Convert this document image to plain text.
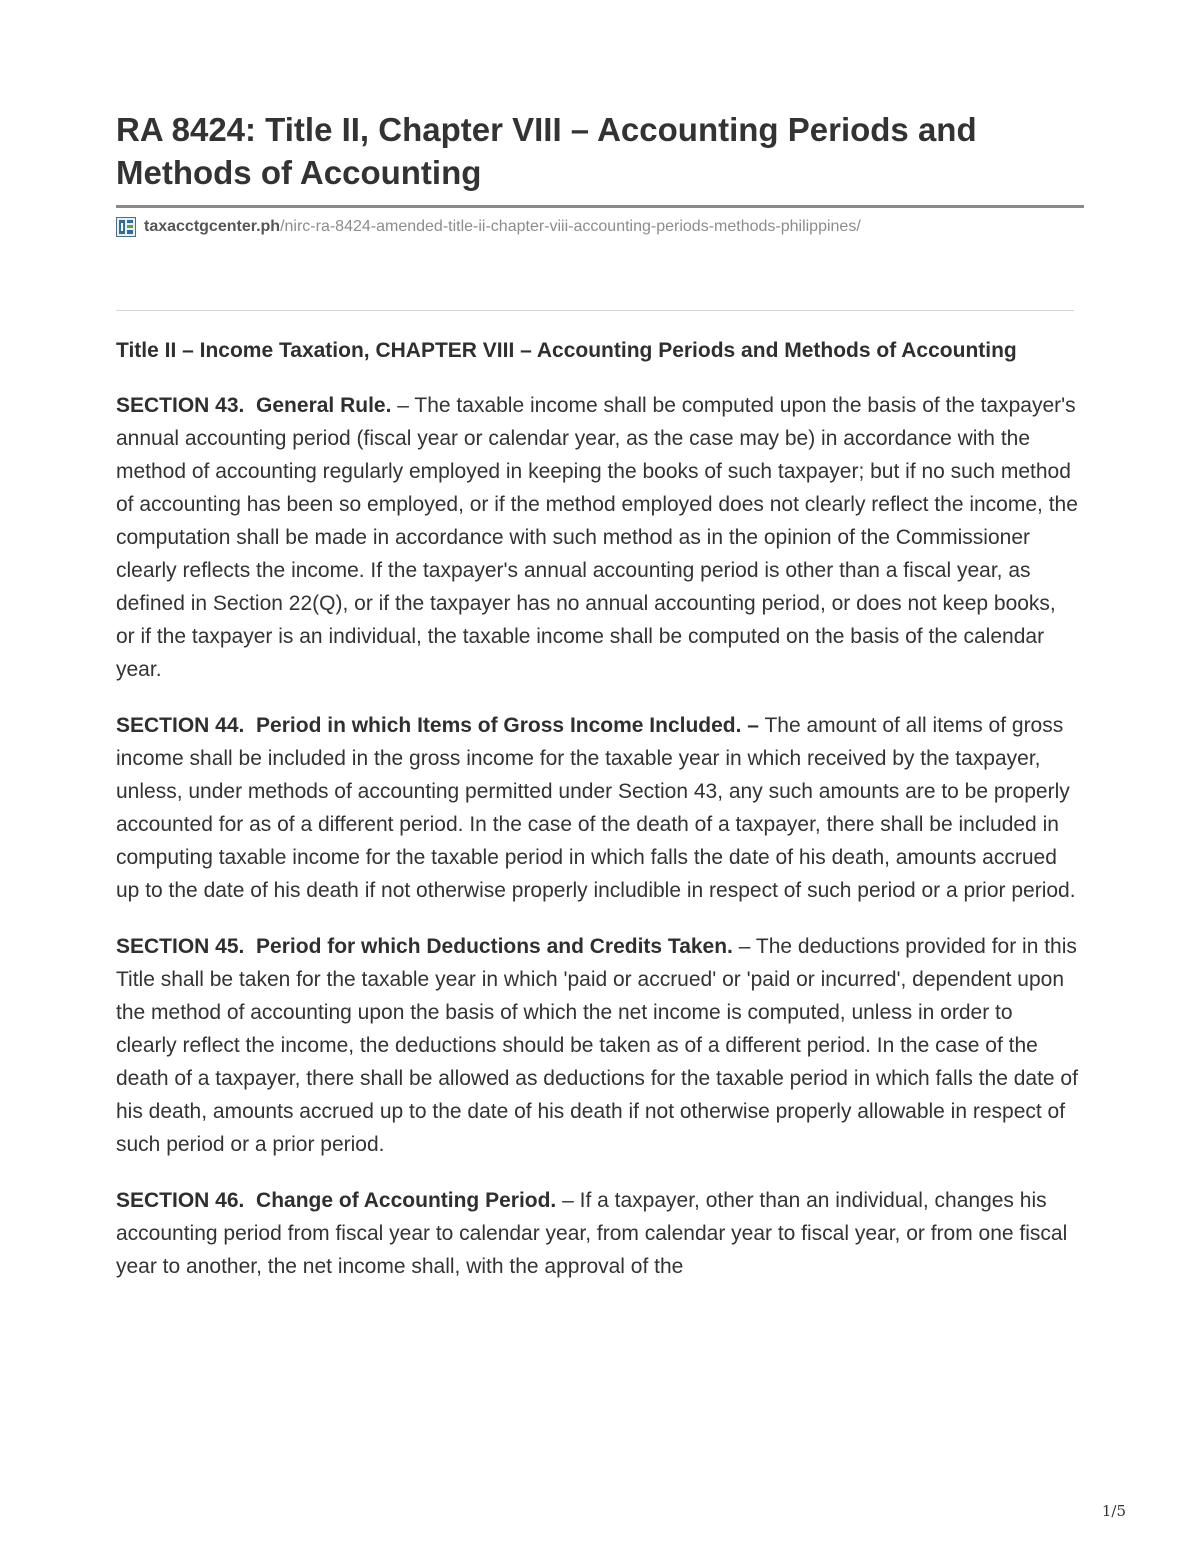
RA 8424: Title II, Chapter VIII – Accounting Periods and Methods of Accounting
taxacctgcenter.ph /nirc-ra-8424-amended-title-ii-chapter-viii-accounting-periods-methods-philippines/

Title II – Income Taxation, CHAPTER VIII – Accounting Periods and Methods of Accounting

SECTION 43. General Rule. – The taxable income shall be computed upon the basis of the taxpayer's annual accounting period (fiscal year or calendar year, as the case may be) in accordance with the method of accounting regularly employed in keeping the books of such taxpayer; but if no such method of accounting has been so employed, or if the method employed does not clearly reflect the income, the computation shall be made in accordance with such method as in the opinion of the Commissioner clearly reflects the income. If the taxpayer's annual accounting period is other than a fiscal year, as defined in Section 22(Q), or if the taxpayer has no annual accounting period, or does not keep books, or if the taxpayer is an individual, the taxable income shall be computed on the basis of the calendar year.

SECTION 44. Period in which Items of Gross Income Included. – The amount of all items of gross income shall be included in the gross income for the taxable year in which received by the taxpayer, unless, under methods of accounting permitted under Section 43, any such amounts are to be properly accounted for as of a different period. In the case of the death of a taxpayer, there shall be included in computing taxable income for the taxable period in which falls the date of his death, amounts accrued up to the date of his death if not otherwise properly includible in respect of such period or a prior period.

SECTION 45. Period for which Deductions and Credits Taken. – The deductions provided for in this Title shall be taken for the taxable year in which 'paid or accrued' or 'paid or incurred', dependent upon the method of accounting upon the basis of which the net income is computed, unless in order to clearly reflect the income, the deductions should be taken as of a different period. In the case of the death of a taxpayer, there shall be allowed as deductions for the taxable period in which falls the date of his death, amounts accrued up to the date of his death if not otherwise properly allowable in respect of such period or a prior period.

SECTION 46. Change of Accounting Period. – If a taxpayer, other than an individual, changes his accounting period from fiscal year to calendar year, from calendar year to fiscal year, or from one fiscal year to another, the net income shall, with the approval of the

1/5
